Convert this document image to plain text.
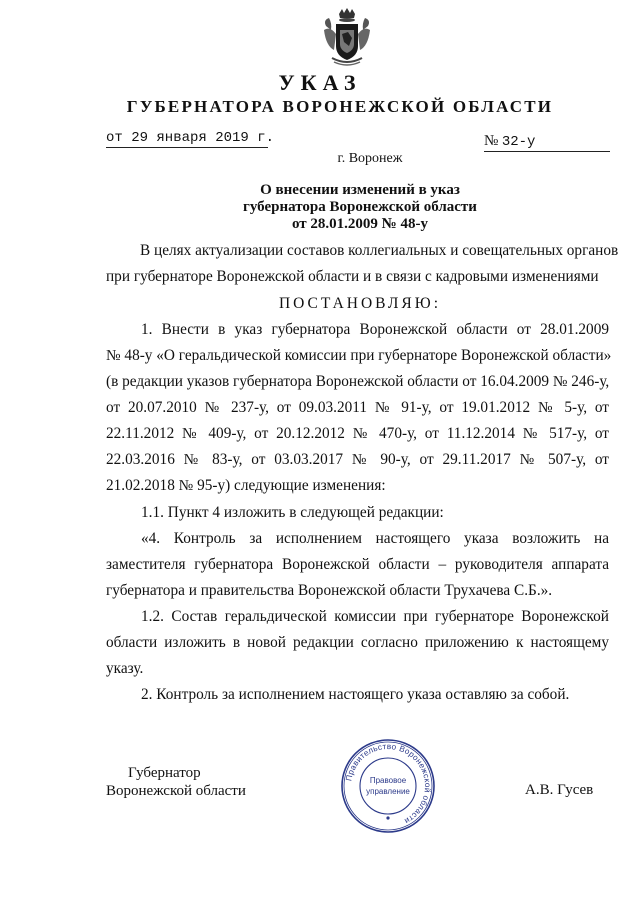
УКАЗ
ГУБЕРНАТОРА ВОРОНЕЖСКОЙ ОБЛАСТИ
от 29 января 2019 г.	№ 32-у
г. Воронеж
О внесении изменений в указ
губернатора Воронежской области
от 28.01.2009 № 48-у
В целях актуализации составов коллегиальных и совещательных органов
при губернаторе Воронежской области и в связи с кадровыми изменениями
ПОСТАНОВЛЯЮ:
1. Внести в указ губернатора Воронежской области от 28.01.2009
№ 48-у «О геральдической комиссии при губернаторе Воронежской области»
(в редакции указов губернатора Воронежской области от 16.04.2009 № 246-у,
от 20.07.2010 № 237-у, от 09.03.2011 № 91-у, от 19.01.2012 № 5-у, от
22.11.2012 № 409-у, от 20.12.2012 № 470-у, от 11.12.2014 № 517-у, от
22.03.2016 № 83-у, от 03.03.2017 № 90-у, от 29.11.2017 № 507-у, от
21.02.2018 № 95-у) следующие изменения:
1.1. Пункт 4 изложить в следующей редакции:
«4. Контроль за исполнением настоящего указа возложить на
заместителя губернатора Воронежской области – руководителя аппарата
губернатора и правительства Воронежской области Трухачева С.Б.».
1.2. Состав геральдической комиссии при губернаторе Воронежской
области изложить в новой редакции согласно приложению к настоящему
указу.
2. Контроль за исполнением настоящего указа оставляю за собой.
Правительство Воронежской области
Правовое
управление
Губернатор
Воронежской области	А.В. Гусев
